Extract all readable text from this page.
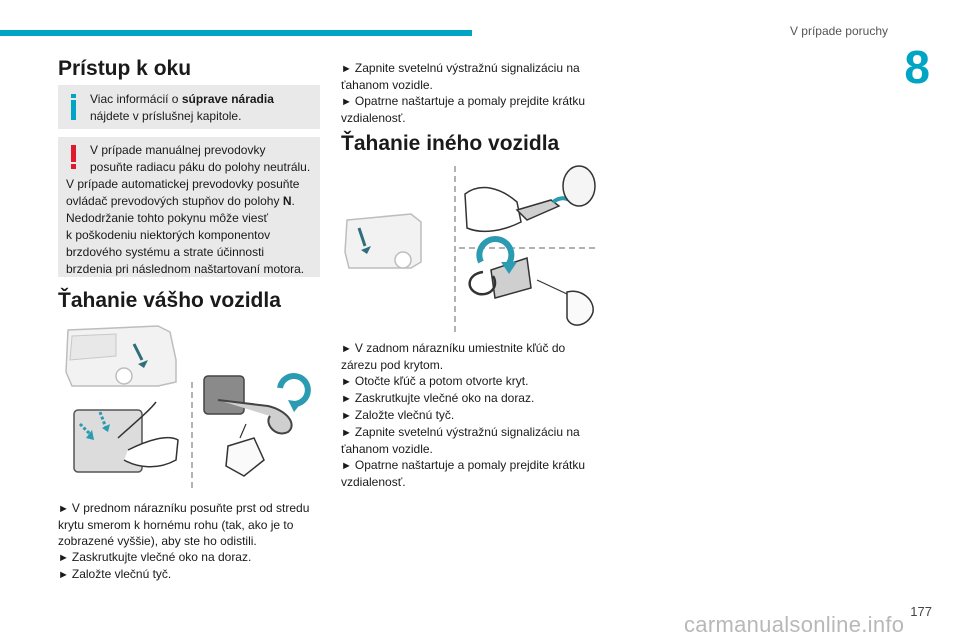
V prípade poruchy
8
Prístup k oku
Viac informácií o súprave náradia
nájdete v príslušnej kapitole.
V prípade manuálnej prevodovky
posuňte radiacu páku do polohy neutrálu.
V prípade automatickej prevodovky posuňte
ovládač prevodových stupňov do polohy N.
Nedodržanie tohto pokynu môže viesť
k poškodeniu niektorých komponentov
brzdového systému a strate účinnosti
brzdenia pri následnom naštartovaní motora.
Ťahanie vášho vozidla

► V prednom nárazníku posuňte prst od stredu

krytu smerom k hornému rohu (tak, ako je to

zobrazené vyššie), aby ste ho odistili.

► Zaskrutkujte vlečné oko na doraz.

► Založte vlečnú tyč.

► Zapnite svetelnú výstražnú signalizáciu na

ťahanom vozidle.

► Opatrne naštartuje a pomaly prejdite krátku

vzdialenosť.

Ťahanie iného vozidla

► V zadnom nárazníku umiestnite kľúč do

zárezu pod krytom.

► Otočte kľúč a potom otvorte kryt.

► Zaskrutkujte vlečné oko na doraz.

► Založte vlečnú tyč.

► Zapnite svetelnú výstražnú signalizáciu na

ťahanom vozidle.

► Opatrne naštartuje a pomaly prejdite krátku

vzdialenosť.

177
carmanualsonline.info
